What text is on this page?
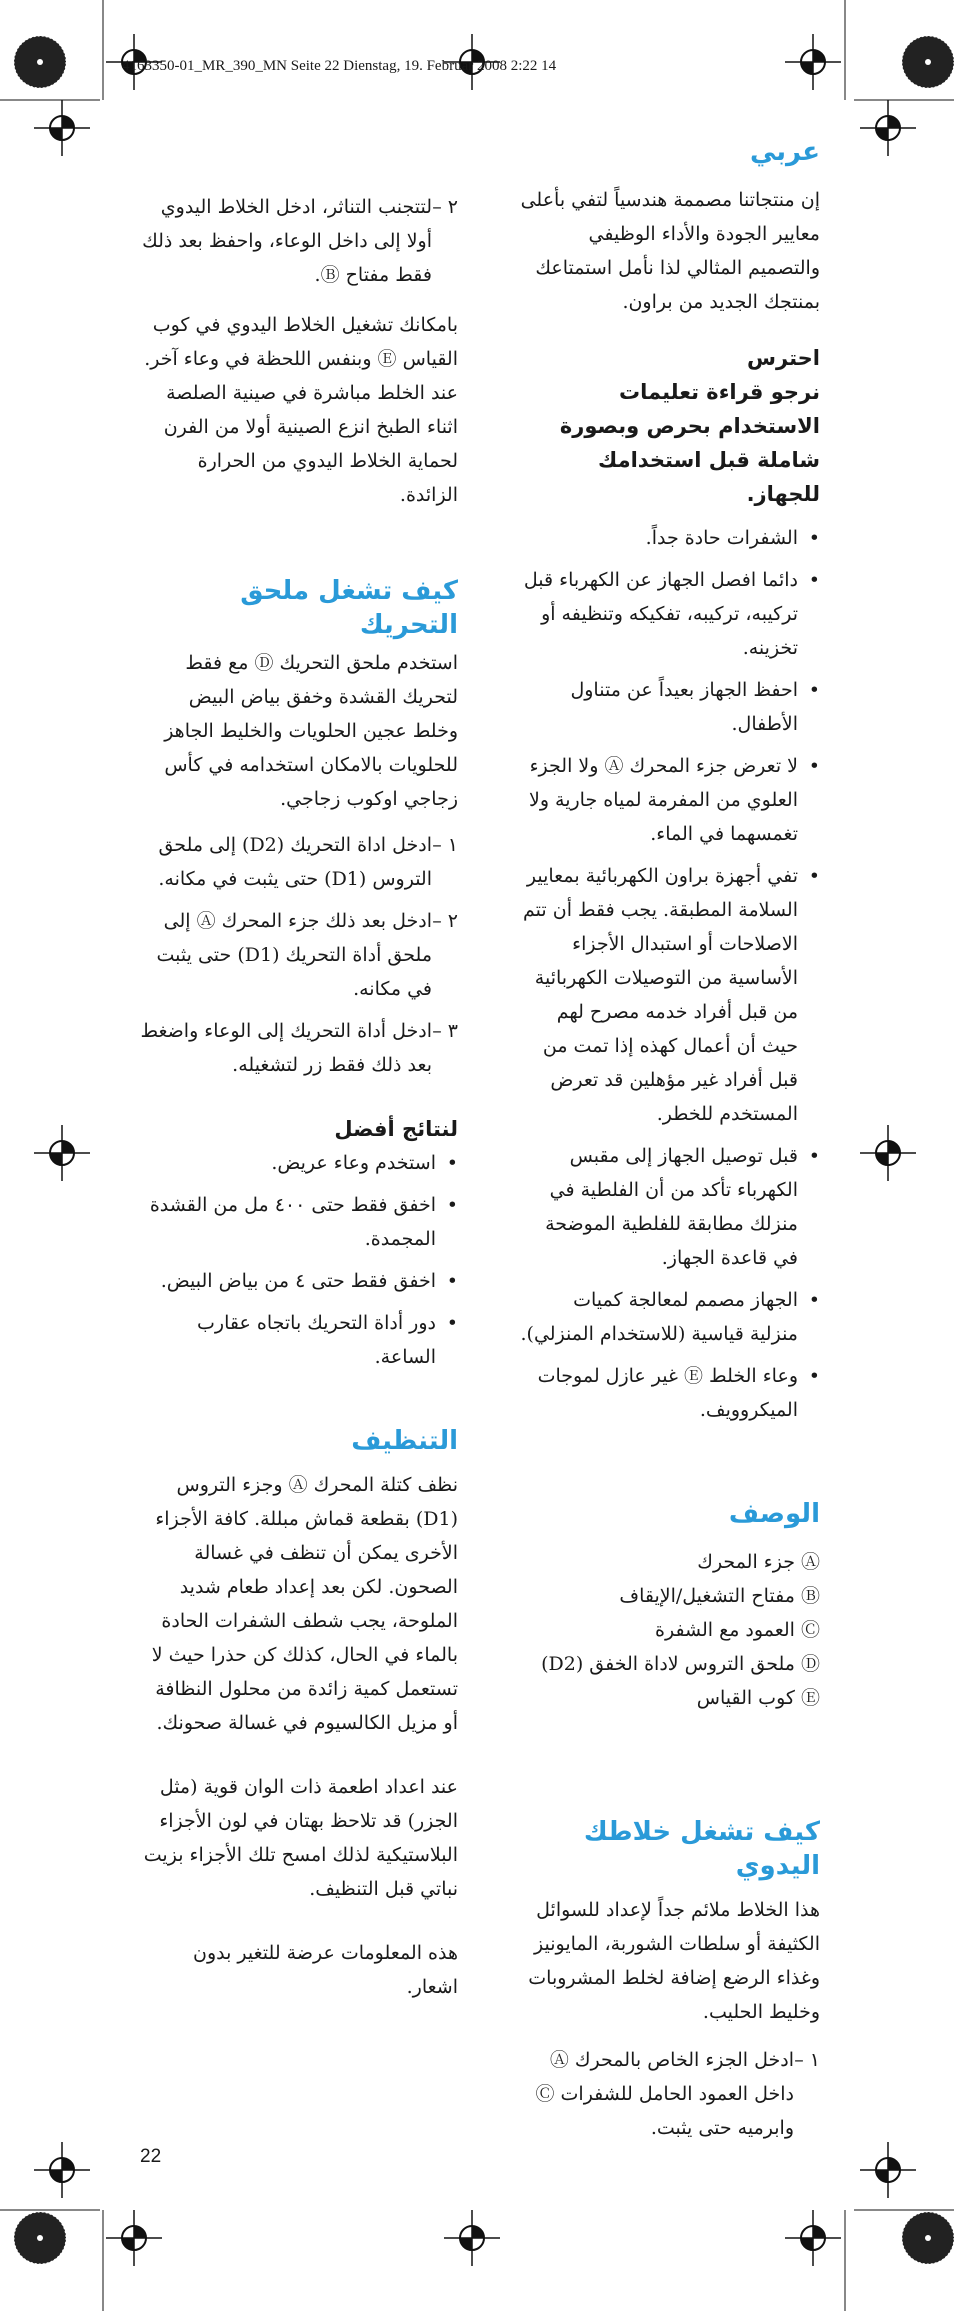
4163350-01_MR_390_MN Seite 22 Dienstag, 19. Februar 2008 2:22 14
عربي

إن منتجاتنا مصممة هندسياً لتفي بأعلى معايير الجودة والأداء الوظيفي والتصميم المثالي لذا نأمل استمتاعك بمنتجك الجديد من براون.

احترس
نرجو قراءة تعليمات الاستخدام بحرص وبصورة شاملة قبل استخدامك للجهاز.
• الشفرات حادة جداً.
• دائما افصل الجهاز عن الكهرباء قبل تركيبه، تركيبه، تفكيكه وتنظيفه أو تخزينه.
• احفظ الجهاز بعيداً عن متناول الأطفال.
• لا تعرض جزء المحرك Ⓐ ولا الجزء العلوي من المفرمة لمياه جارية ولا تغمسهما في الماء.
• تفي أجهزة براون الكهربائية بمعايير السلامة المطبقة. يجب فقط أن تتم الاصلاحات أو استبدال الأجزاء الأساسية من التوصيلات الكهربائية من قبل أفراد خدمه مصرح لهم حيث أن أعمال كهذه إذا تمت من قبل أفراد غير مؤهلين قد تعرض المستخدم للخطر.
• قبل توصيل الجهاز إلى مقبس الكهرباء تأكد من أن الفلطية في منزلك مطابقة للفلطية الموضحة في قاعدة الجهاز.
• الجهاز مصمم لمعالجة كميات منزلية قياسية (للاستخدام المنزلي).
• وعاء الخلط Ⓔ غير عازل لموجات الميكروويف.
الوصف

Ⓐ جزء المحرك

Ⓑ مفتاح التشغيل/الإيقاف

Ⓒ العمود مع الشفرة

Ⓓ ملحق التروس لاداة الخفق (D2)

Ⓔ كوب القياس

كيف تشغل خلاطك اليدوي

هذا الخلاط ملائم جداً لإعداد للسوائل الكثيفة أو سلطات الشوربة، المايونيز وغذاء الرضع إضافة لخلط المشروبات وخليط الحليب.

١ –
ادخل الجزء الخاص بالمحرك Ⓐ داخل العمود الحامل للشفرات Ⓒ وابرميه حتى يثبت.
٢ –
لتتجنب التناثر، ادخل الخلاط اليدوي أولا إلى داخل الوعاء، واحفظ بعد ذلك فقط مفتاح Ⓑ.

بامكانك تشغيل الخلاط اليدوي في كوب القياس Ⓔ وبنفس اللحظة في وعاء آخر. عند الخلط مباشرة في صينية الصلصة اثناء الطبخ انزع الصينية أولا من الفرن لحماية الخلاط اليدوي من الحرارة الزائدة.

كيف تشغل ملحق التحريك

استخدم ملحق التحريك Ⓓ مع فقط لتحريك القشدة وخفق بياض البيض وخلط عجين الحلويات والخليط الجاهز للحلويات بالامكان استخدامه في كأس زجاجي اوكوب زجاجي.

١ –
ادخل اداة التحريك (D2) إلى ملحق التروس (D1) حتى يثبت في مكانه.
٢ –
ادخل بعد ذلك جزء المحرك Ⓐ إلى ملحق أداة التحريك (D1) حتى يثبت في مكانه.
٣ –
ادخل أداة التحريك إلى الوعاء واضغط بعد ذلك فقط زر لتشغيله.
لنتائج أفضل
• استخدم وعاء عريض.
• اخفق فقط حتى ٤٠٠ مل من القشدة المجمدة.
• اخفق فقط حتى ٤ من بياض البيض.
• دور أداة التحريك باتجاه عقارب الساعة.
التنظيف

نظف كتلة المحرك Ⓐ وجزء التروس (D1) بقطعة قماش مبللة. كافة الأجزاء الأخرى يمكن أن تنظف في غسالة الصحون. لكن بعد إعداد طعام شديد الملوحة، يجب شطف الشفرات الحادة بالماء في الحال، كذلك كن حذرا حيث لا تستعمل كمية زائدة من محلول النظافة أو مزيل الكالسيوم في غسالة صحونك.

عند اعداد اطعمة ذات الوان قوية (مثل الجزر) قد تلاحظ بهتان في لون الأجزاء البلاستيكية لذلك امسح تلك الأجزاء بزيت نباتي قبل التنظيف.

هذه المعلومات عرضة للتغير بدون اشعار.

22
